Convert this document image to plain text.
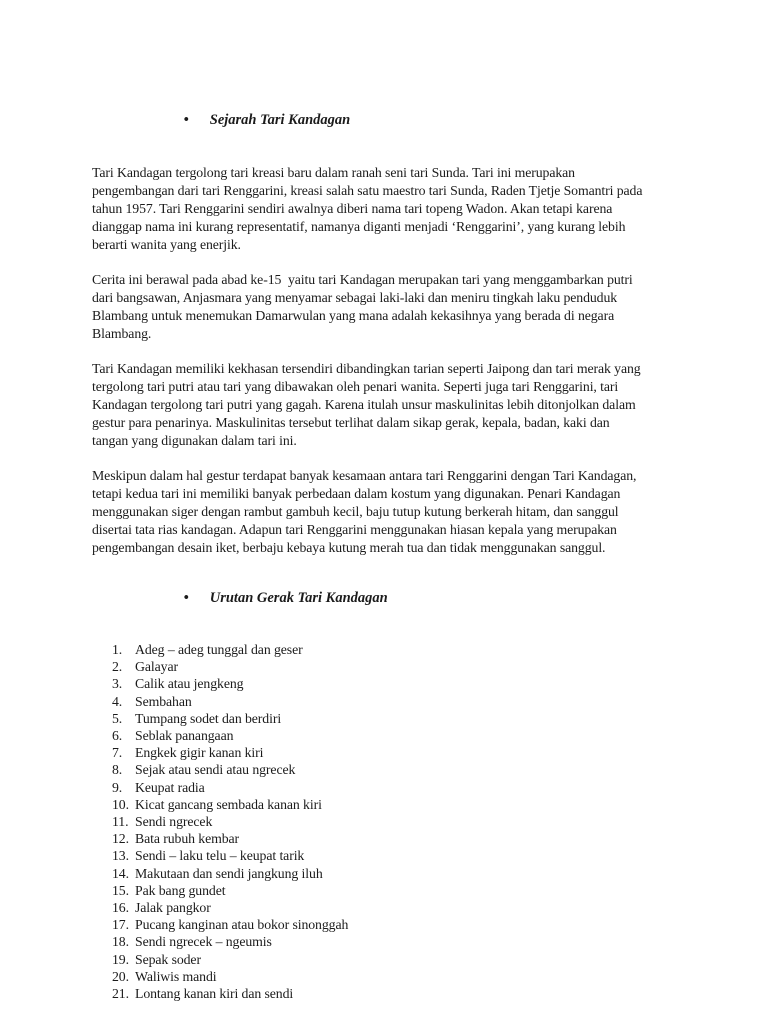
• Sejarah Tari Kandagan

Tari Kandagan tergolong tari kreasi baru dalam ranah seni tari Sunda. Tari ini merupakan
pengembangan dari tari Renggarini, kreasi salah satu maestro tari Sunda, Raden Tjetje Somantri pada
tahun 1957. Tari Renggarini sendiri awalnya diberi nama tari topeng Wadon. Akan tetapi karena
dianggap nama ini kurang representatif, namanya diganti menjadi ‘Renggarini’, yang kurang lebih
berarti wanita yang enerjik.
Cerita ini berawal pada abad ke-15  yaitu tari Kandagan merupakan tari yang menggambarkan putri
dari bangsawan, Anjasmara yang menyamar sebagai laki-laki dan meniru tingkah laku penduduk
Blambang untuk menemukan Damarwulan yang mana adalah kekasihnya yang berada di negara
Blambang.
Tari Kandagan memiliki kekhasan tersendiri dibandingkan tarian seperti Jaipong dan tari merak yang
tergolong tari putri atau tari yang dibawakan oleh penari wanita. Seperti juga tari Renggarini, tari
Kandagan tergolong tari putri yang gagah. Karena itulah unsur maskulinitas lebih ditonjolkan dalam
gestur para penarinya. Maskulinitas tersebut terlihat dalam sikap gerak, kepala, badan, kaki dan
tangan yang digunakan dalam tari ini.
Meskipun dalam hal gestur terdapat banyak kesamaan antara tari Renggarini dengan Tari Kandagan,
tetapi kedua tari ini memiliki banyak perbedaan dalam kostum yang digunakan. Penari Kandagan
menggunakan siger dengan rambut gambuh kecil, baju tutup kutung berkerah hitam, dan sanggul
disertai tata rias kandagan. Adapun tari Renggarini menggunakan hiasan kepala yang merupakan
pengembangan desain iket, berbaju kebaya kutung merah tua dan tidak menggunakan sanggul.

• Urutan Gerak Tari Kandagan

1. Adeg – adeg tunggal dan geser
2. Galayar
3. Calik atau jengkeng
4. Sembahan
5. Tumpang sodet dan berdiri
6. Seblak panangaan
7. Engkek gigir kanan kiri
8. Sejak atau sendi atau ngrecek
9. Keupat radia
10. Kicat gancang sembada kanan kiri
11. Sendi ngrecek
12. Bata rubuh kembar
13. Sendi – laku telu – keupat tarik
14. Makutaan dan sendi jangkung iluh
15. Pak bang gundet
16. Jalak pangkor
17. Pucang kanginan atau bokor sinonggah
18. Sendi ngrecek – ngeumis
19. Sepak soder
20. Waliwis mandi
21. Lontang kanan kiri dan sendi
